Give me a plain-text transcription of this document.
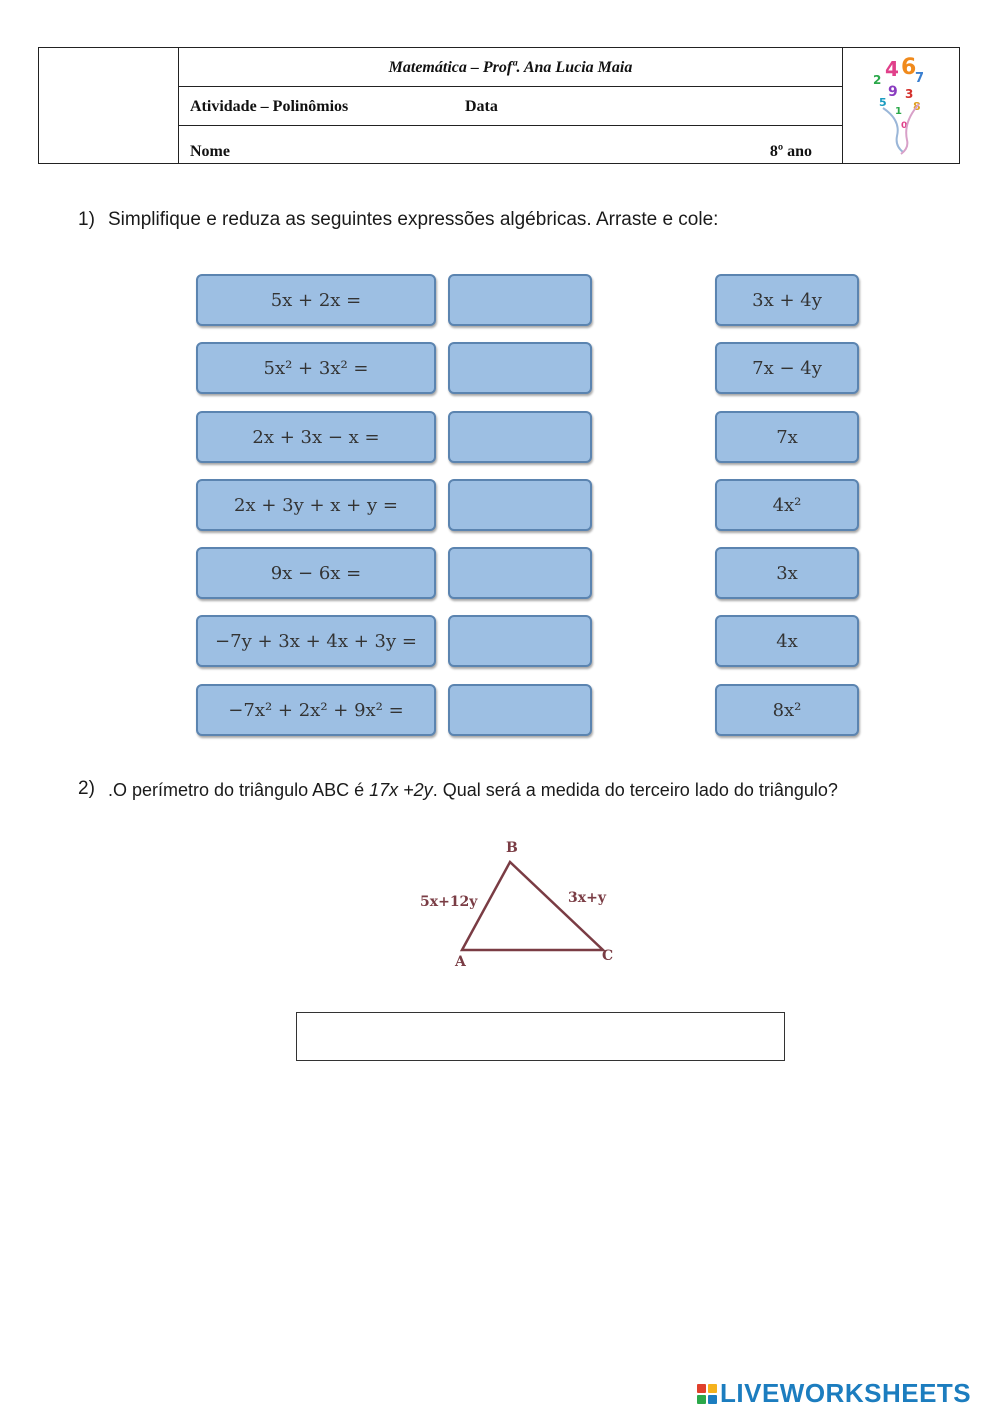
Matemática – Profª. Ana Lucia Maia
Atividade – Polinômios	Data
Nome	8º ano
4 6
2	7
9 3
5 8
1
0
1) Simplifique e reduza as seguintes expressões algébricas. Arraste e cole:
5x + 2x =
5x² + 3x² =
2x + 3x − x =
2x + 3y + x + y =
9x − 6x =
−7y + 3x + 4x + 3y =
−7x² + 2x² + 9x² =
3x + 4y
7x − 4y
7x
4x²
3x
4x
8x²
2) .O perímetro do triângulo ABC é 17x +2y. Qual será a medida do terceiro lado do triângulo?
B
A	C
5x+12y	3x+y
LIVEWORKSHEETS
